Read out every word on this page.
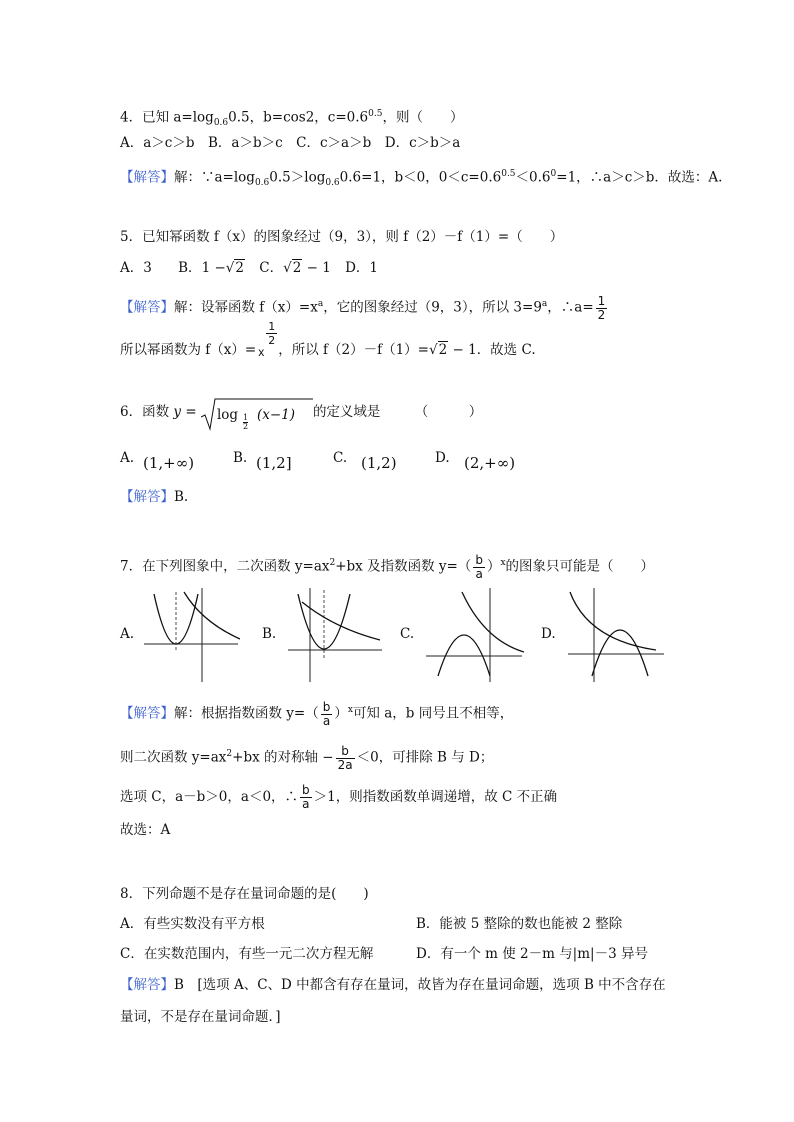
4．已知 $a=\log_{0.6}0.5$，b=cos2，$c=0.6^{0.5}$，则（　　）
A．a＞c＞b　B．a＞b＞c　C．c＞a＞b　D．c＞b＞a
【解答】解：$\because a=\log_{0.6}0.5>\log_{0.6}0.6=1$，b＜0，$0<c=0.6^{0.5}<0.6^0=1$，∴a＞c＞b．故选：A.
5．已知幂函数 f（x）的图象经过（9，3），则 f（2）－f（1）=（　　）
A．3 B．1 −√2 C．√2 − 1 D．1
【解答】解：设幂函数 $f(x)=x^a$，它的图象经过（9，3），所以 $3=9^a$，∴a= $\frac{1}{2}$
所以幂函数为 f（x）= x
$\frac{1}{2}$
，所以 f（2）－f（1）=√2 − 1．故选 C.
6．函数 $y = \log \frac{1}{2} (x-1)$ 的定义域是	（　　　）
A. (1,+∞)	B. (1,2]	C. (1,2)	D. (2,+∞)
【解答】B.
7．在下列图象中，二次函数 $y=ax^2+bx$ 及指数函数 $y=( \frac{b}{a} )^x$的图象只可能是（　　）
A.	B.	C.	D.
【解答】解：根据指数函数 $y=( \frac{b}{a} )^x$可知 a，b 同号且不相等，
则二次函数 $y=ax^2+bx$ 的对称轴 − $\frac{b}{2a} <0$，可排除 B 与 D；
选项 C，a－b＞0，a＜0，∴ $\frac{b}{a} >1$，则指数函数单调递增，故 C 不正确
故选：A
8．下列命题不是存在量词命题的是(　　)
A．有些实数没有平方根	B．能被 5 整除的数也能被 2 整除
C．在实数范围内，有些一元二次方程无解	D．有一个 m 使 2－m 与|m|－3 异号
【解答】B　[选项 A、C、D 中都含有存在量词，故皆为存在量词命题，选项 B 中不含存在
量词，不是存在量词命题．]
